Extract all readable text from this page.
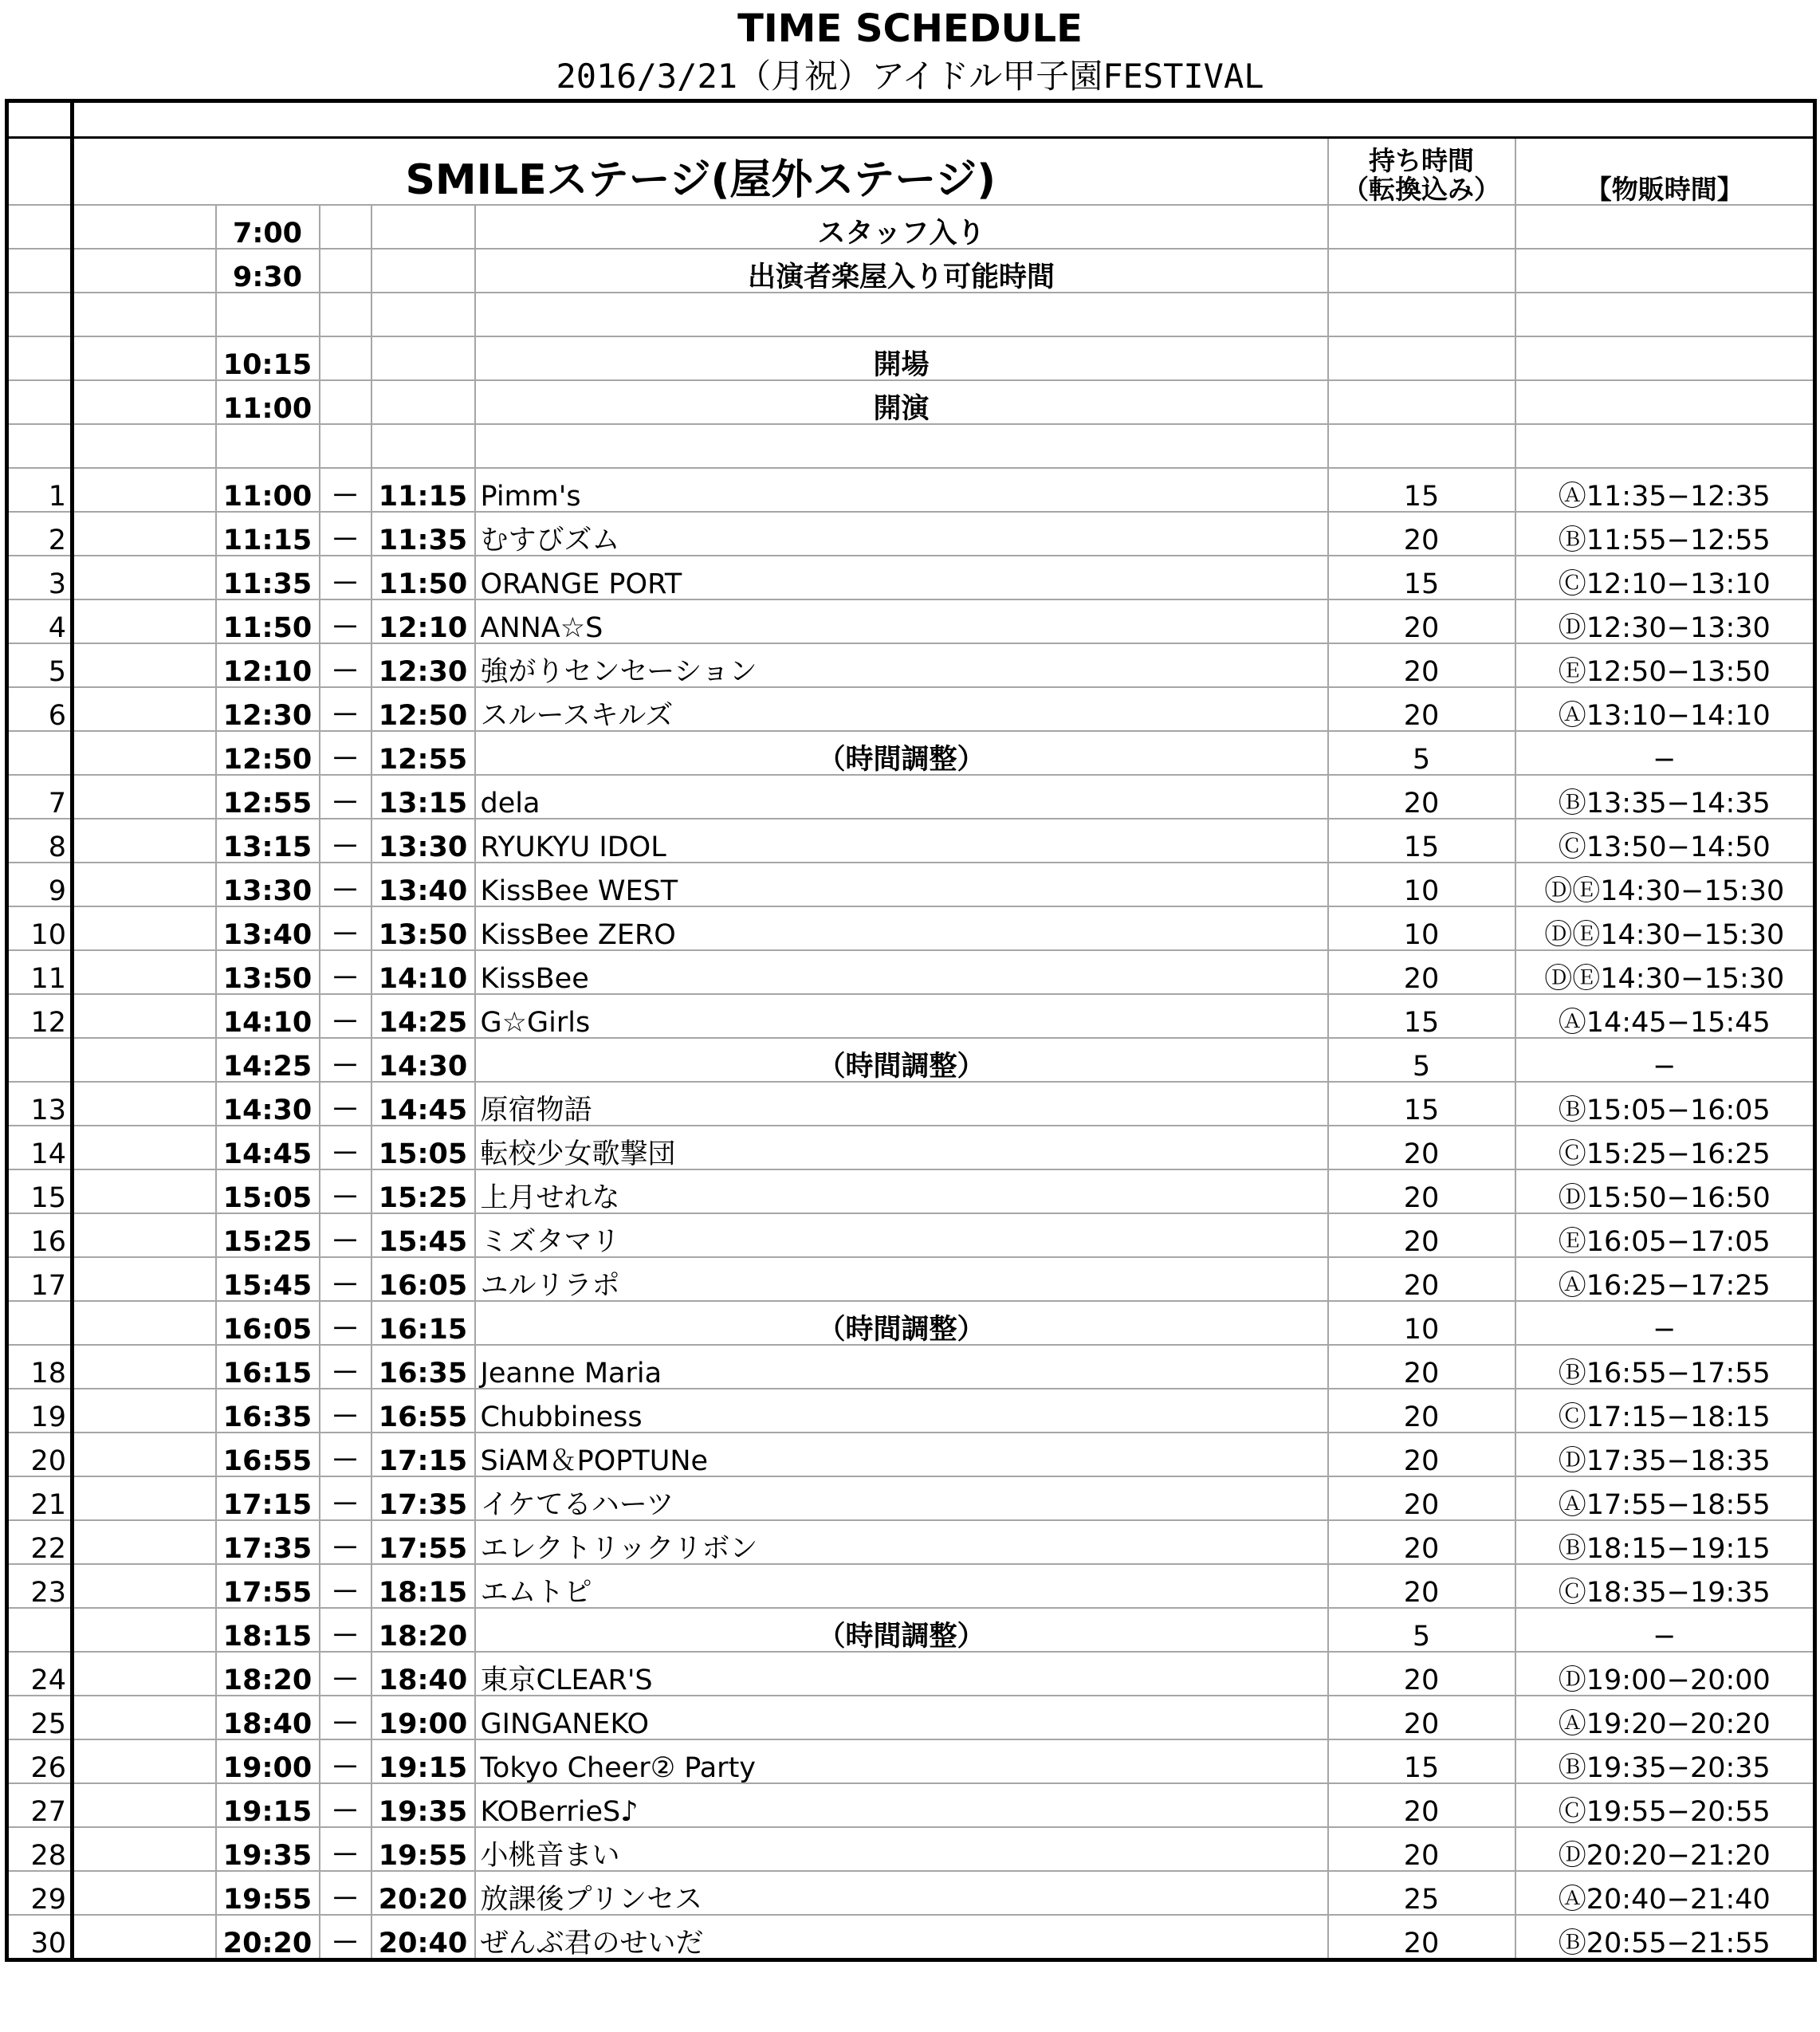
TIME SCHEDULE
2016/3/21（月祝）アイドル甲子園FESTIVAL

	SMILEステージ(屋外ステージ)					持ち時間
（転換込み）	【物販時間】
		7:00			スタッフ入り		
		9:30			出演者楽屋入り可能時間		

		10:15			開場		
		11:00			開演		

1		11:00	－	11:15	Pimm's	15	Ⓐ11:35−12:35
2		11:15	－	11:35	むすびズム	20	Ⓑ11:55−12:55
3		11:35	－	11:50	ORANGE PORT	15	Ⓒ12:10−13:10
4		11:50	－	12:10	ANNA☆S	20	Ⓓ12:30−13:30
5		12:10	－	12:30	強がりセンセーション	20	Ⓔ12:50−13:50
6		12:30	－	12:50	スルースキルズ	20	Ⓐ13:10−14:10
		12:50	－	12:55	（時間調整）	5	−
7		12:55	－	13:15	dela	20	Ⓑ13:35−14:35
8		13:15	－	13:30	RYUKYU IDOL	15	Ⓒ13:50−14:50
9		13:30	－	13:40	KissBee WEST	10	ⒹⒺ14:30−15:30
10		13:40	－	13:50	KissBee ZERO	10	ⒹⒺ14:30−15:30
11		13:50	－	14:10	KissBee	20	ⒹⒺ14:30−15:30
12		14:10	－	14:25	G☆Girls	15	Ⓐ14:45−15:45
		14:25	－	14:30	（時間調整）	5	−
13		14:30	－	14:45	原宿物語	15	Ⓑ15:05−16:05
14		14:45	－	15:05	転校少女歌撃団	20	Ⓒ15:25−16:25
15		15:05	－	15:25	上月せれな	20	Ⓓ15:50−16:50
16		15:25	－	15:45	ミズタマリ	20	Ⓔ16:05−17:05
17		15:45	－	16:05	ユルリラポ	20	Ⓐ16:25−17:25
		16:05	－	16:15	（時間調整）	10	−
18		16:15	－	16:35	Jeanne Maria	20	Ⓑ16:55−17:55
19		16:35	－	16:55	Chubbiness	20	Ⓒ17:15−18:15
20		16:55	－	17:15	SiAM＆POPTUNe	20	Ⓓ17:35−18:35
21		17:15	－	17:35	イケてるハーツ	20	Ⓐ17:55−18:55
22		17:35	－	17:55	エレクトリックリボン	20	Ⓑ18:15−19:15
23		17:55	－	18:15	エムトピ	20	Ⓒ18:35−19:35
		18:15	－	18:20	（時間調整）	5	−
24		18:20	－	18:40	東京CLEAR'S	20	Ⓓ19:00−20:00
25		18:40	－	19:00	GINGANEKO	20	Ⓐ19:20−20:20
26		19:00	－	19:15	Tokyo Cheer② Party	15	Ⓑ19:35−20:35
27		19:15	－	19:35	KOBerrieS♪	20	Ⓒ19:55−20:55
28		19:35	－	19:55	小桃音まい	20	Ⓓ20:20−21:20
29		19:55	－	20:20	放課後プリンセス	25	Ⓐ20:40−21:40
30		20:20	－	20:40	ぜんぶ君のせいだ	20	Ⓑ20:55−21:55
